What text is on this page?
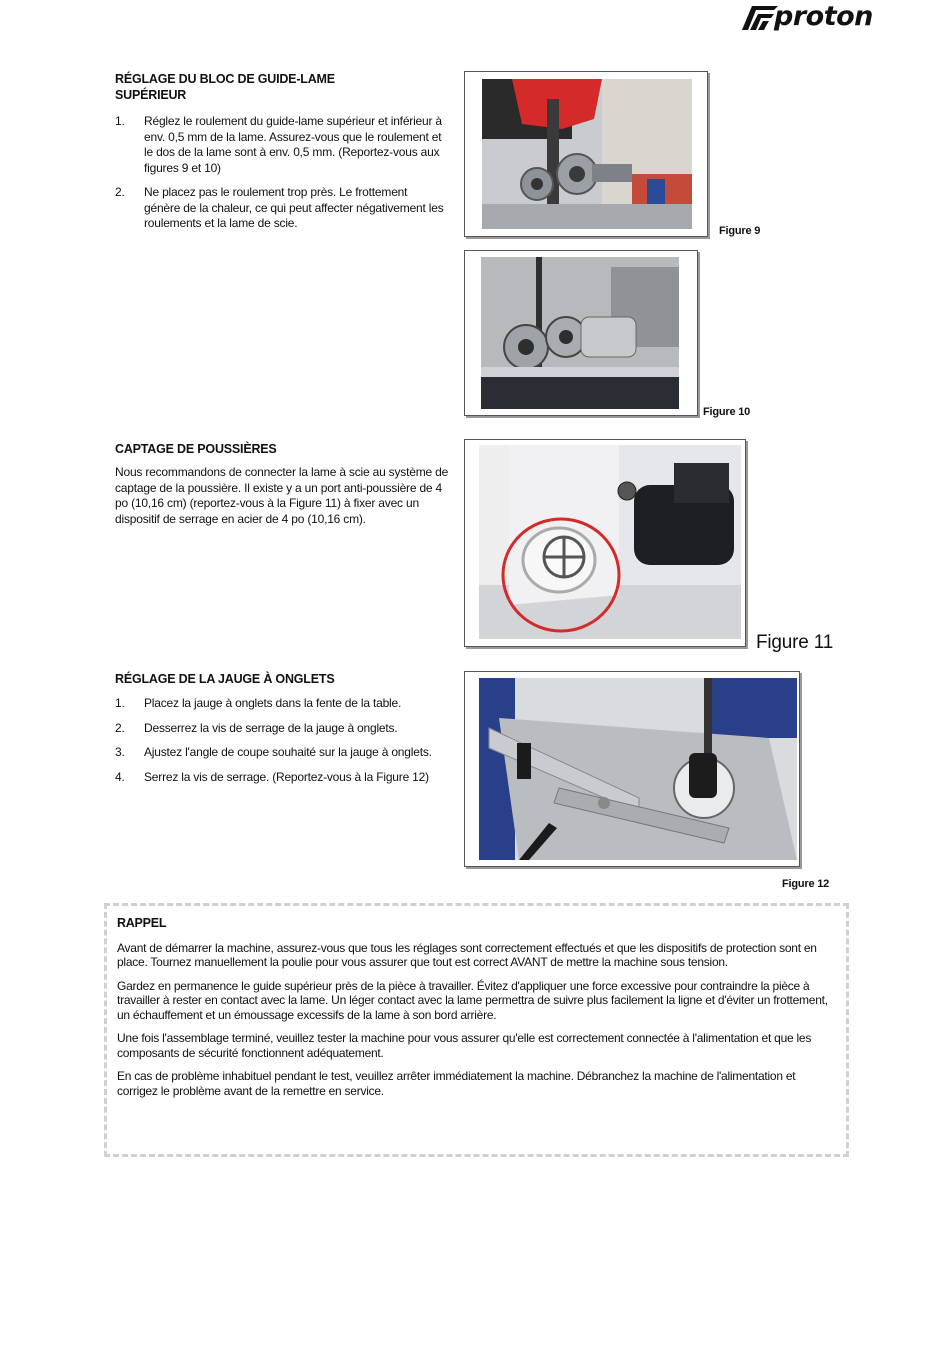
proton
RÉGLAGE DU BLOC DE GUIDE-LAME SUPÉRIEUR
1. Réglez le roulement du guide-lame supérieur et inférieur à env. 0,5 mm de la lame. Assurez-vous que le roulement et le dos de la lame sont à env. 0,5 mm. (Reportez-vous aux figures 9 et 10)
2. Ne placez pas le roulement trop près. Le frottement génère de la chaleur, ce qui peut affecter négativement les roulements et la lame de scie.
Figure 9
Figure 10
CAPTAGE DE POUSSIÈRES
Nous recommandons de connecter la lame à scie au système de captage de la poussière. Il existe y a un port anti-poussière de 4 po (10,16 cm) (reportez-vous à la Figure 11) à fixer avec un dispositif de serrage en acier de 4 po (10,16 cm).
Figure 11
RÉGLAGE DE LA JAUGE À ONGLETS
1. Placez la jauge à onglets dans la fente de la table.
2. Desserrez la vis de serrage de la jauge à onglets.
3. Ajustez l'angle de coupe souhaité sur la jauge à onglets.
4. Serrez la vis de serrage. (Reportez-vous à la Figure 12)
Figure 12

RAPPEL

Avant de démarrer la machine, assurez-vous que tous les réglages sont correctement effectués et que les dispositifs de protection sont en place. Tournez manuellement la poulie pour vous assurer que tout est correct AVANT de mettre la machine sous tension.

Gardez en permanence le guide supérieur près de la pièce à travailler. Évitez d'appliquer une force excessive pour contraindre la pièce à travailler à rester en contact avec la lame. Un léger contact avec la lame permettra de suivre plus facilement la ligne et d'éviter un frottement, un échauffement et un émoussage excessifs de la lame à son bord arrière.

Une fois l'assemblage terminé, veuillez tester la machine pour vous assurer qu'elle est correctement connectée à l'alimentation et que les composants de sécurité fonctionnent adéquatement.

En cas de problème inhabituel pendant le test, veuillez arrêter immédiatement la machine. Débranchez la machine de l'alimentation et corrigez le problème avant de la remettre en service.
